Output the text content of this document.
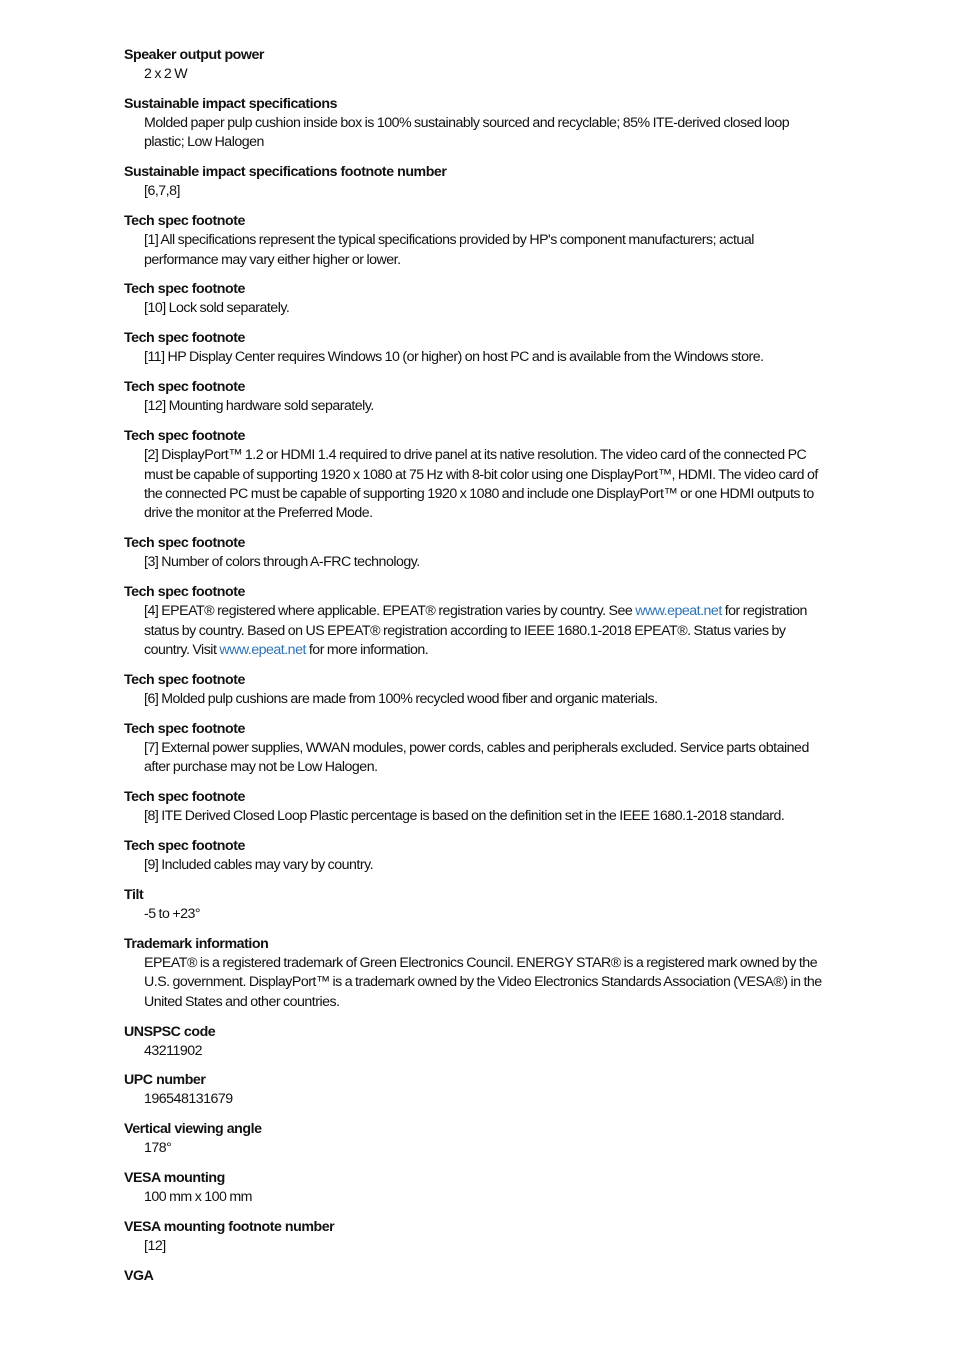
Speaker output power
2 x 2 W
Sustainable impact specifications
Molded paper pulp cushion inside box is 100% sustainably sourced and recyclable; 85% ITE-derived closed loop plastic; Low Halogen
Sustainable impact specifications footnote number
[6,7,8]
Tech spec footnote
[1] All specifications represent the typical specifications provided by HP's component manufacturers; actual performance may vary either higher or lower.
Tech spec footnote
[10] Lock sold separately.
Tech spec footnote
[11] HP Display Center requires Windows 10 (or higher) on host PC and is available from the Windows store.
Tech spec footnote
[12] Mounting hardware sold separately.
Tech spec footnote
[2] DisplayPort™ 1.2 or HDMI 1.4 required to drive panel at its native resolution. The video card of the connected PC must be capable of supporting 1920 x 1080 at 75 Hz with 8-bit color using one DisplayPort™, HDMI. The video card of the connected PC must be capable of supporting 1920 x 1080 and include one DisplayPort™ or one HDMI outputs to drive the monitor at the Preferred Mode.
Tech spec footnote
[3] Number of colors through A-FRC technology.
Tech spec footnote
[4] EPEAT® registered where applicable. EPEAT® registration varies by country. See www.epeat.net for registration status by country. Based on US EPEAT® registration according to IEEE 1680.1-2018 EPEAT®. Status varies by country. Visit www.epeat.net for more information.
Tech spec footnote
[6] Molded pulp cushions are made from 100% recycled wood fiber and organic materials.
Tech spec footnote
[7] External power supplies, WWAN modules, power cords, cables and peripherals excluded. Service parts obtained after purchase may not be Low Halogen.
Tech spec footnote
[8] ITE Derived Closed Loop Plastic percentage is based on the definition set in the IEEE 1680.1-2018 standard.
Tech spec footnote
[9] Included cables may vary by country.
Tilt
-5 to +23°
Trademark information
EPEAT® is a registered trademark of Green Electronics Council. ENERGY STAR® is a registered mark owned by the U.S. government. DisplayPort™ is a trademark owned by the Video Electronics Standards Association (VESA®) in the United States and other countries.
UNSPSC code
43211902
UPC number
196548131679
Vertical viewing angle
178°
VESA mounting
100 mm x 100 mm
VESA mounting footnote number
[12]
VGA
